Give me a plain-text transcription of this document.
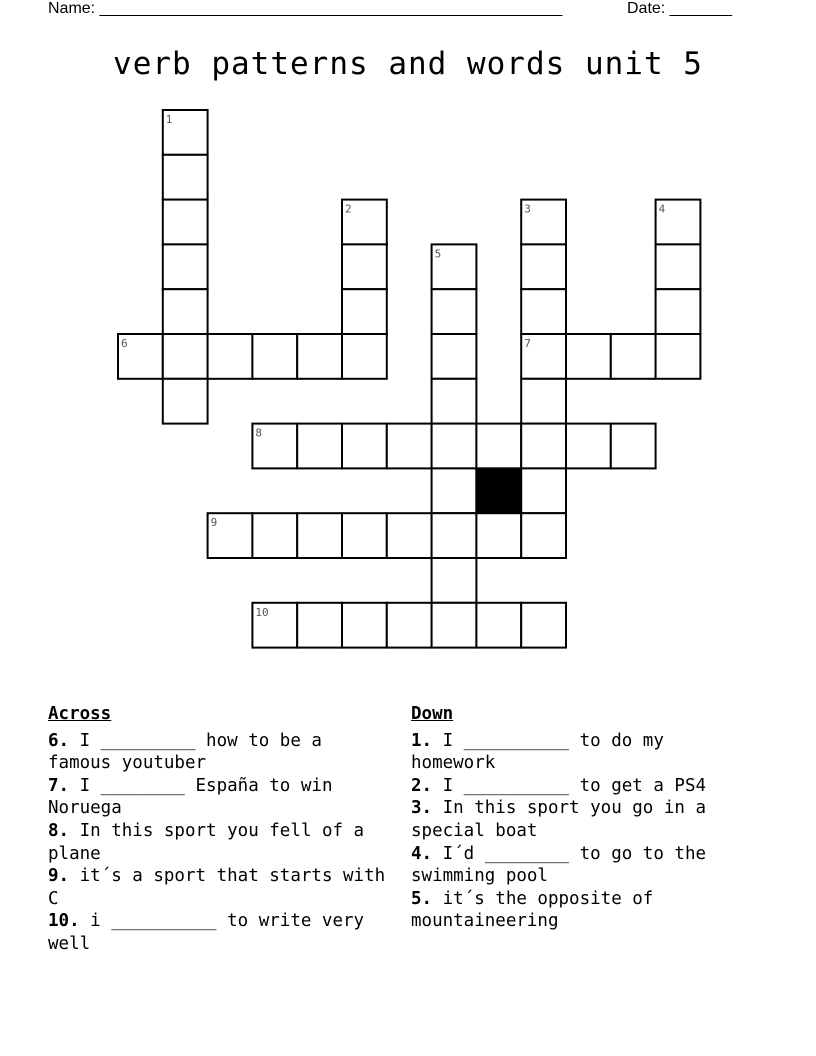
Name: ____________________________________________________	Date: _______
verb patterns and words unit 5
1
2	3	4
5
6	7
8
9
10
Across
6. I _________ how to be a famous youtuber
7. I ________ España to win Noruega
8. In this sport you fell of a plane
9. it´s a sport that starts with C
10. i __________ to write very well
Down
1. I __________ to do my homework
2. I __________ to get a PS4
3. In this sport you go in a special boat
4. I´d ________ to go to the swimming pool
5. it´s the opposite of mountaineering
